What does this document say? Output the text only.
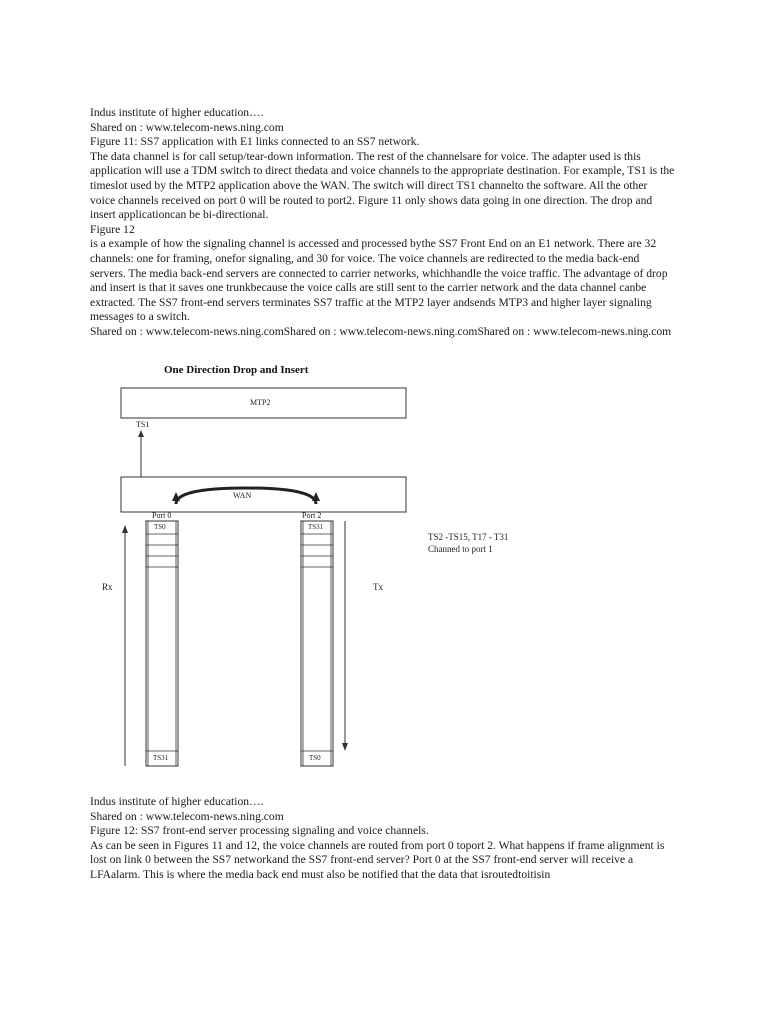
Indus institute of higher education….

Shared on : www.telecom-news.ning.com

Figure 11: SS7 application with E1 links connected to an SS7 network.

The data channel is for call setup/tear-down information. The rest of the channelsare for voice. The adapter used is this application will use a TDM switch to direct thedata and voice channels to the appropriate destination. For example, TS1 is the timeslot used by the MTP2 application above the WAN. The switch will direct TS1 channelto the software. All the other voice channels received on port 0 will be routed to port2. Figure 11 only shows data going in one direction. The drop and insert applicationcan be bi-directional.

Figure 12

is a example of how the signaling channel is accessed and processed bythe SS7 Front End on an E1 network. There are 32 channels: one for framing, onefor signaling, and 30 for voice. The voice channels are redirected to the media back-end servers. The media back-end servers are connected to carrier networks, whichhandle the voice traffic. The advantage of drop and insert is that it saves one trunkbecause the voice calls are still sent to the carrier network and the data channel canbe extracted. The SS7 front-end servers terminates SS7 traffic at the MTP2 layer andsends MTP3 and higher layer signaling messages to a switch.

Shared on : www.telecom-news.ning.comShared on : www.telecom-news.ning.comShared on : www.telecom-news.ning.com

One Direction Drop and Insert
MTP2
TS1
WAN
Port 0	Port 2
TS0
TS31
TS31
TS0
Rx	Tx
TS2 -TS15, T17 - T31
Channed to port 1

Indus institute of higher education….

Shared on : www.telecom-news.ning.com

Figure 12: SS7 front-end server processing signaling and voice channels.

As can be seen in Figures 11 and 12, the voice channels are routed from port 0 toport 2. What happens if frame alignment is lost on link 0 between the SS7 networkand the SS7 front-end server? Port 0 at the SS7 front-end server will receive a LFAalarm. This is where the media back end must also be notified that the data that isroutedtoitisin
